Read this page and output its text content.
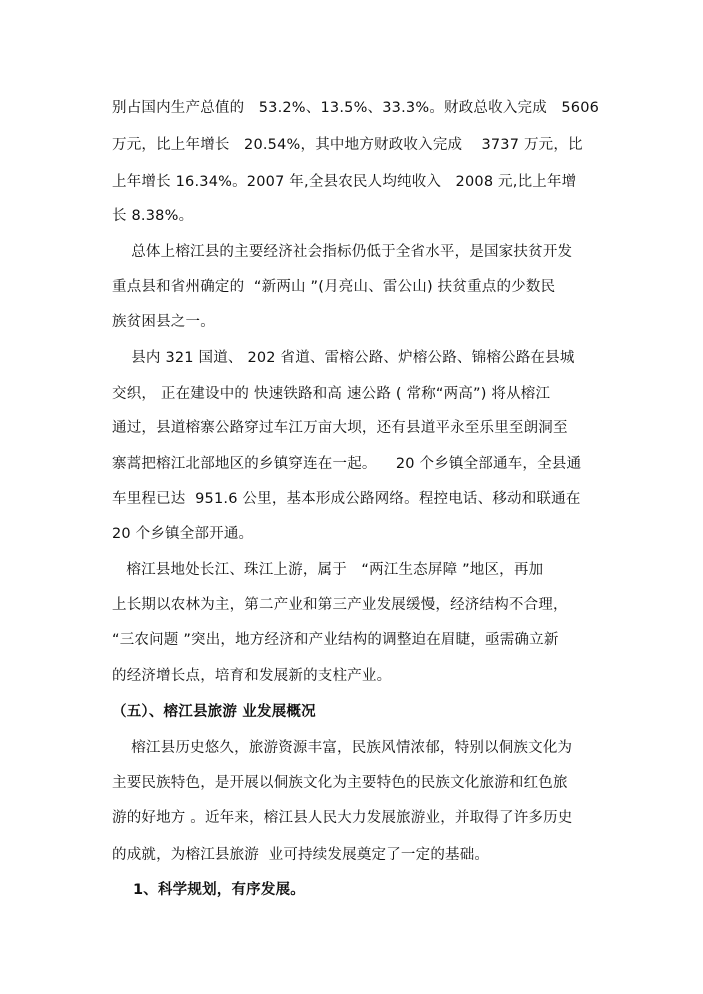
别占国内生产总值的   53.2%、13.5%、33.3%。财政总收入完成   5606
万元，比上年增长   20.54%，其中地方财政收入完成    3737 万元，比
上年增长 16.34%。2007 年,全县农民人均纯收入   2008 元,比上年增
长 8.38%。
总体上榕江县的主要经济社会指标仍低于全省水平，是国家扶贫开发
重点县和省州确定的  “新两山 ”(月亮山、雷公山) 扶贫重点的少数民
族贫困县之一。
县内 321 国道、 202 省道、雷榕公路、炉榕公路、锦榕公路在县城
交织， 正在建设中的 快速铁路和高 速公路 ( 常称“两高”) 将从榕江
通过，县道榕寨公路穿过车江万亩大坝，还有县道平永至乐里至朗洞至
寨蒿把榕江北部地区的乡镇穿连在一起。    20 个乡镇全部通车，全县通
车里程已达  951.6 公里，基本形成公路网络。程控电话、移动和联通在
20 个乡镇全部开通。
榕江县地处长江、珠江上游，属于   “两江生态屏障 ”地区，再加
上长期以农林为主，第二产业和第三产业发展缓慢，经济结构不合理，
“三农问题 ”突出，地方经济和产业结构的调整迫在眉睫，亟需确立新
的经济增长点，培育和发展新的支柱产业。
（五）、榕江县旅游 业发展概况
榕江县历史悠久，旅游资源丰富，民族风情浓郁，特别以侗族文化为
主要民族特色，是开展以侗族文化为主要特色的民族文化旅游和红色旅
游的好地方 。近年来，榕江县人民大力发展旅游业，并取得了许多历史
的成就，为榕江县旅游  业可持续发展奠定了一定的基础。
1、科学规划，有序发展。
